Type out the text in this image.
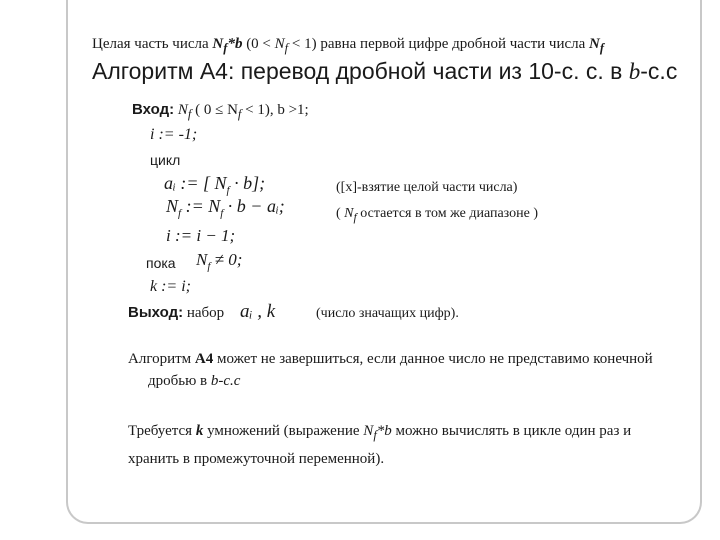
Целая часть числа $N_f*b$ $(0 < N_f < 1)$ равна первой цифре дробной части числа $N_f$
Алгоритм A4: перевод дробной части из 10-с. с. в b-с.с
Вход: $N_f$ ( $0 \le N_f < 1$), b >1;
i := -1;
цикл
aᵢ := [ $N_f \cdot b$];	([x]-взятие целой части числа)
$N_f$ := $N_f \cdot b$ − aᵢ;	( $N_f$ остается в том же диапазоне )
i := i − 1;
пока $N_f \ne 0$;
k := i;
Выход: набор aᵢ , k	(число значащих цифр).
Алгоритм A4 может не завершиться, если данное число не представимо конечной
дробью в b-с.с
Требуется k умножений (выражение $N_f*b$ можно вычислять в цикле один раз и
хранить в промежуточной переменной).
